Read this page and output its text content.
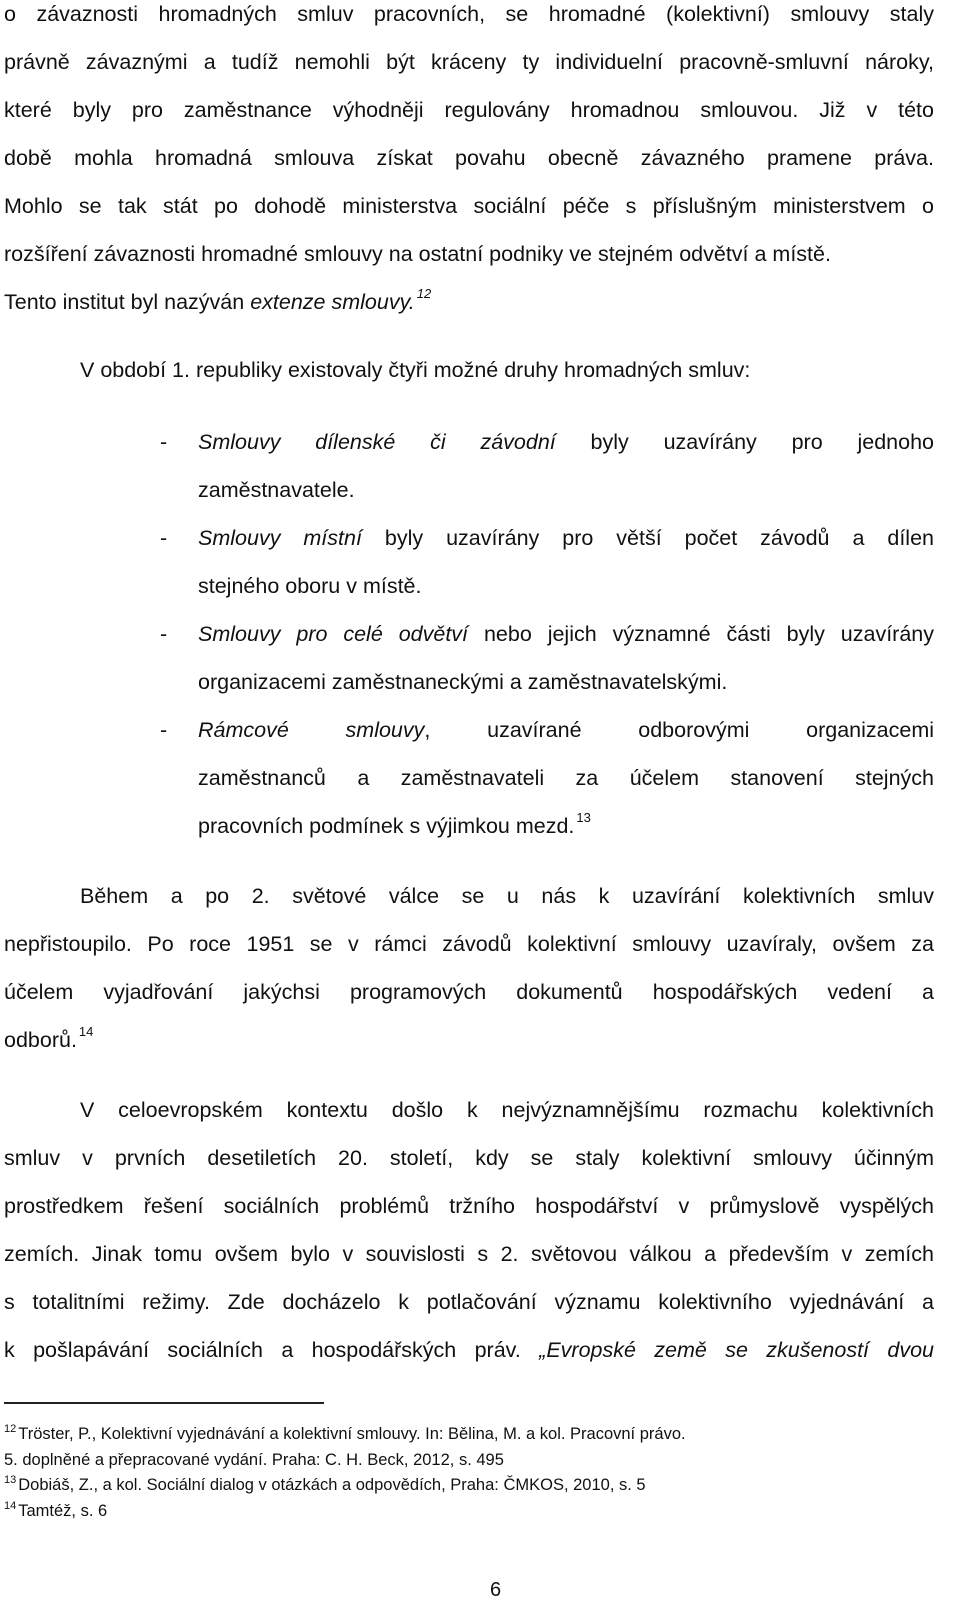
o závaznosti hromadných smluv pracovních, se hromadné (kolektivní) smlouvy staly
právně závaznými a tudíž nemohli být kráceny ty individuelní pracovně-smluvní nároky,
které byly pro zaměstnance výhodněji regulovány hromadnou smlouvou. Již v této
době mohla hromadná smlouva získat povahu obecně závazného pramene práva.
Mohlo se tak stát po dohodě ministerstva sociální péče s příslušným ministerstvem o
rozšíření závaznosti hromadné smlouvy na ostatní podniky ve stejném odvětví a místě.
Tento institut byl nazýván extenze smlouvy. $^{12}$
V období 1. republiky existovaly čtyři možné druhy hromadných smluv:
- Smlouvy dílenské či závodní byly uzavírány pro jednoho
zaměstnavatele.
- Smlouvy místní byly uzavírány pro větší počet závodů a dílen
stejného oboru v místě.
- Smlouvy pro celé odvětví nebo jejich významné části byly uzavírány
organizacemi zaměstnaneckými a zaměstnavatelskými.
- Rámcové smlouvy, uzavírané odborovými organizacemi
zaměstnanců a zaměstnavateli za účelem stanovení stejných
pracovních podmínek s výjimkou mezd. $^{13}$
Během a po 2. světové válce se u nás k uzavírání kolektivních smluv
nepřistoupilo. Po roce 1951 se v rámci závodů kolektivní smlouvy uzavíraly, ovšem za
účelem vyjadřování jakýchsi programových dokumentů hospodářských vedení a
odborů. $^{14}$
V celoevropském kontextu došlo k nejvýznamnějšímu rozmachu kolektivních
smluv v prvních desetiletích 20. století, kdy se staly kolektivní smlouvy účinným
prostředkem řešení sociálních problémů tržního hospodářství v průmyslově vyspělých
zemích. Jinak tomu ovšem bylo v souvislosti s 2. světovou válkou a především v zemích
s totalitními režimy. Zde docházelo k potlačování významu kolektivního vyjednávání a
k pošlapávání sociálních a hospodářských práv. „Evropské země se zkušeností dvou
$^{12}$ Tröster, P., Kolektivní vyjednávání a kolektivní smlouvy. In: Bělina, M. a kol. Pracovní právo.
5. doplněné a přepracované vydání. Praha: C. H. Beck, 2012, s. 495
$^{13}$ Dobiáš, Z., a kol. Sociální dialog v otázkách a odpovědích, Praha: ČMKOS, 2010, s. 5
$^{14}$ Tamtéž, s. 6
6
